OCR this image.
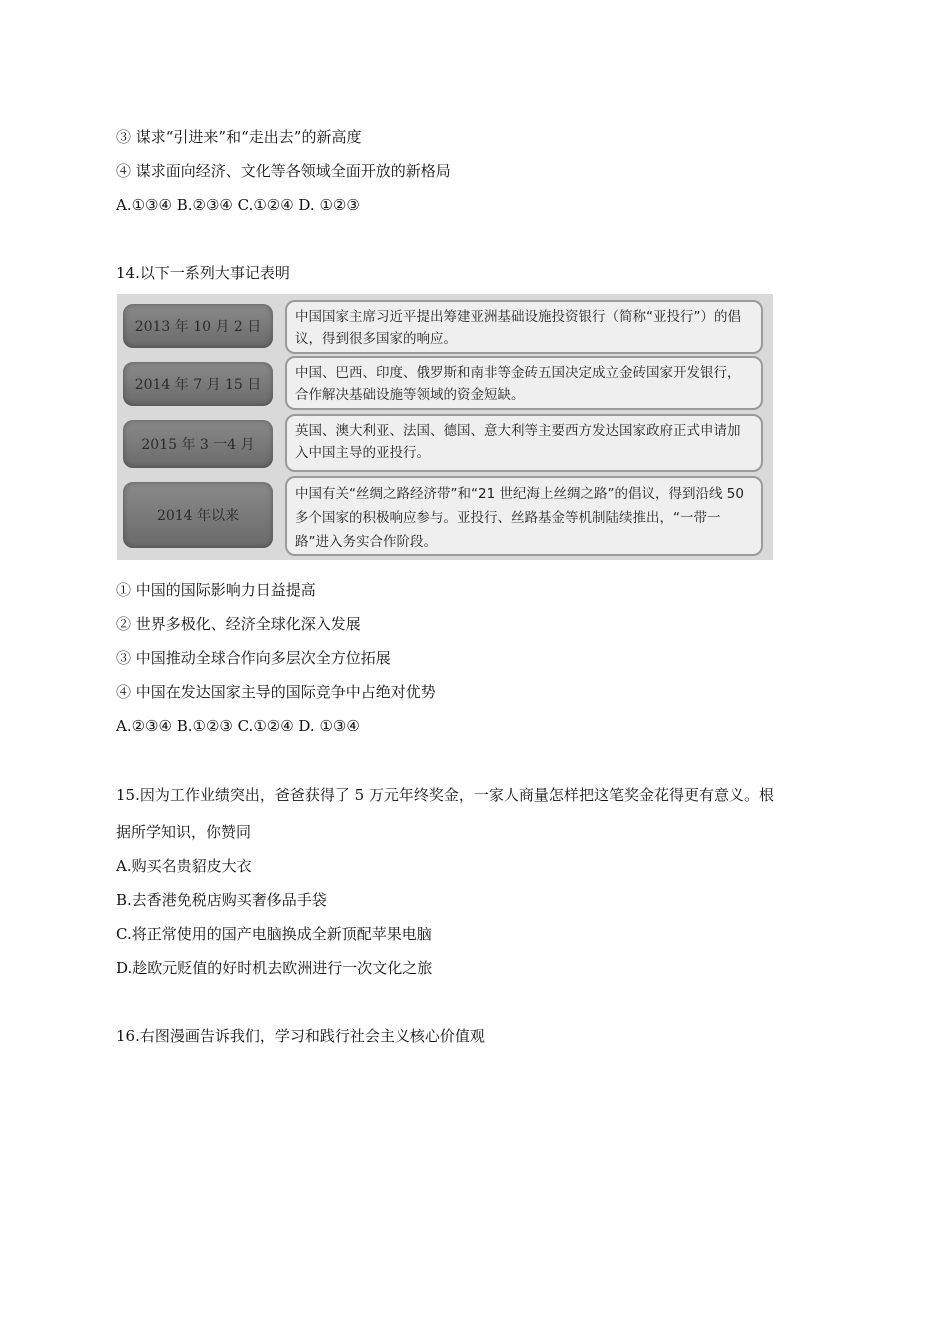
③ 谋求“引进来”和“走出去”的新高度
④ 谋求面向经济、文化等各领域全面开放的新格局
A.①③④ B.②③④ C.①②④ D. ①②③
14.以下一系列大事记表明
2013 年 10 月 2 日
中国国家主席习近平提出筹建亚洲基础设施投资银行（简称“亚投行”）的倡议，得到很多国家的响应。
2014 年 7 月 15 日
中国、巴西、印度、俄罗斯和南非等金砖五国决定成立金砖国家开发银行，合作解决基础设施等领域的资金短缺。
2015 年 3 一4 月
英国、澳大利亚、法国、德国、意大利等主要西方发达国家政府正式申请加入中国主导的亚投行。
2014 年以来
中国有关“丝绸之路经济带”和“21 世纪海上丝绸之路”的倡议，得到沿线 50 多个国家的积极响应参与。亚投行、丝路基金等机制陆续推出，“一带一路”进入务实合作阶段。
① 中国的国际影响力日益提高
② 世界多极化、经济全球化深入发展
③ 中国推动全球合作向多层次全方位拓展
④ 中国在发达国家主导的国际竞争中占绝对优势
A.②③④ B.①②③ C.①②④ D. ①③④
15.因为工作业绩突出，爸爸获得了 5 万元年终奖金，一家人商量怎样把这笔奖金花得更有意义。根
据所学知识，你赞同
A.购买名贵貂皮大衣
B.去香港免税店购买奢侈品手袋
C.将正常使用的国产电脑换成全新顶配苹果电脑
D.趁欧元贬值的好时机去欧洲进行一次文化之旅
16.右图漫画告诉我们，学习和践行社会主义核心价值观
